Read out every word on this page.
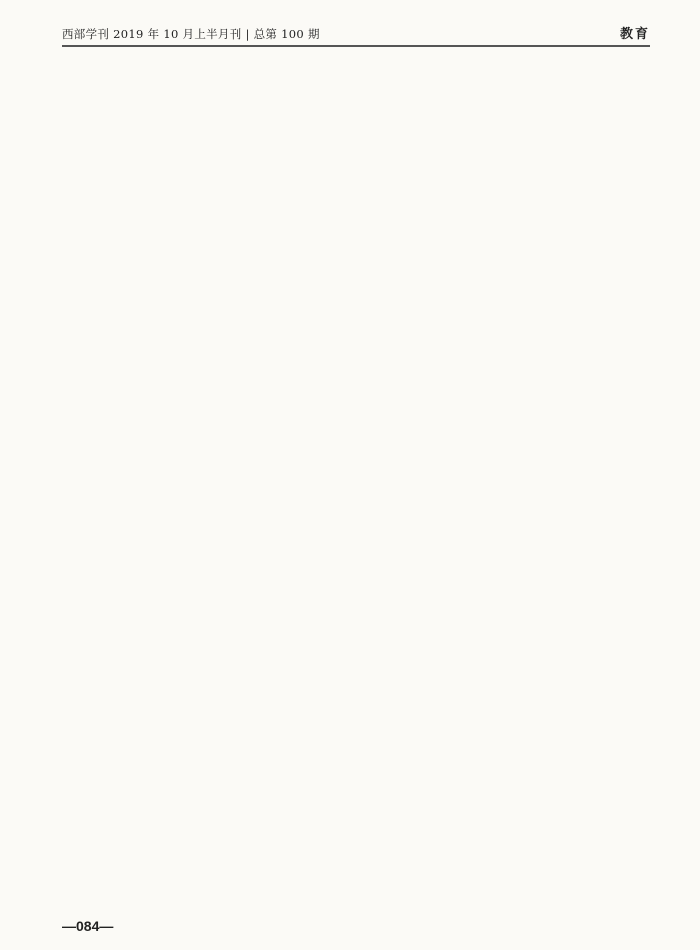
西部学刊 2019 年 10 月上半月刊 | 总第 100 期	教育

—084—
